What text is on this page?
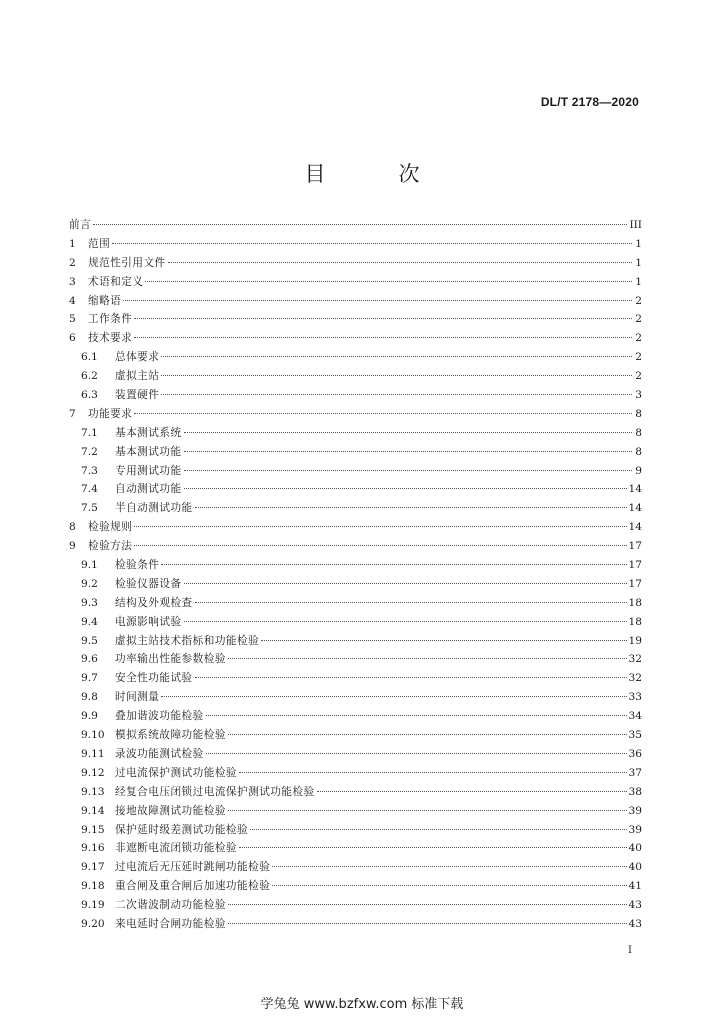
DL/T 2178—2020
目　次
前言	III
1	范围	1
2	规范性引用文件	1
3	术语和定义	1
4	缩略语	2
5	工作条件	2
6	技术要求	2
6.1	总体要求	2
6.2	虚拟主站	2
6.3	装置硬件	3
7	功能要求	8
7.1	基本测试系统	8
7.2	基本测试功能	8
7.3	专用测试功能	9
7.4	自动测试功能	14
7.5	半自动测试功能	14
8	检验规则	14
9	检验方法	17
9.1	检验条件	17
9.2	检验仪器设备	17
9.3	结构及外观检查	18
9.4	电源影响试验	18
9.5	虚拟主站技术指标和功能检验	19
9.6	功率输出性能参数检验	32
9.7	安全性功能试验	32
9.8	时间测量	33
9.9	叠加谐波功能检验	34
9.10 模拟系统故障功能检验	35
9.11 录波功能测试检验	36
9.12 过电流保护测试功能检验	37
9.13 经复合电压闭锁过电流保护测试功能检验	38
9.14 接地故障测试功能检验	39
9.15 保护延时级差测试功能检验	39
9.16 非遮断电流闭锁功能检验	40
9.17 过电流后无压延时跳闸功能检验	40
9.18 重合闸及重合闸后加速功能检验	41
9.19 二次谐波制动功能检验	43
9.20 来电延时合闸功能检验	43
I
学兔兔 www.bzfxw.com 标准下载
